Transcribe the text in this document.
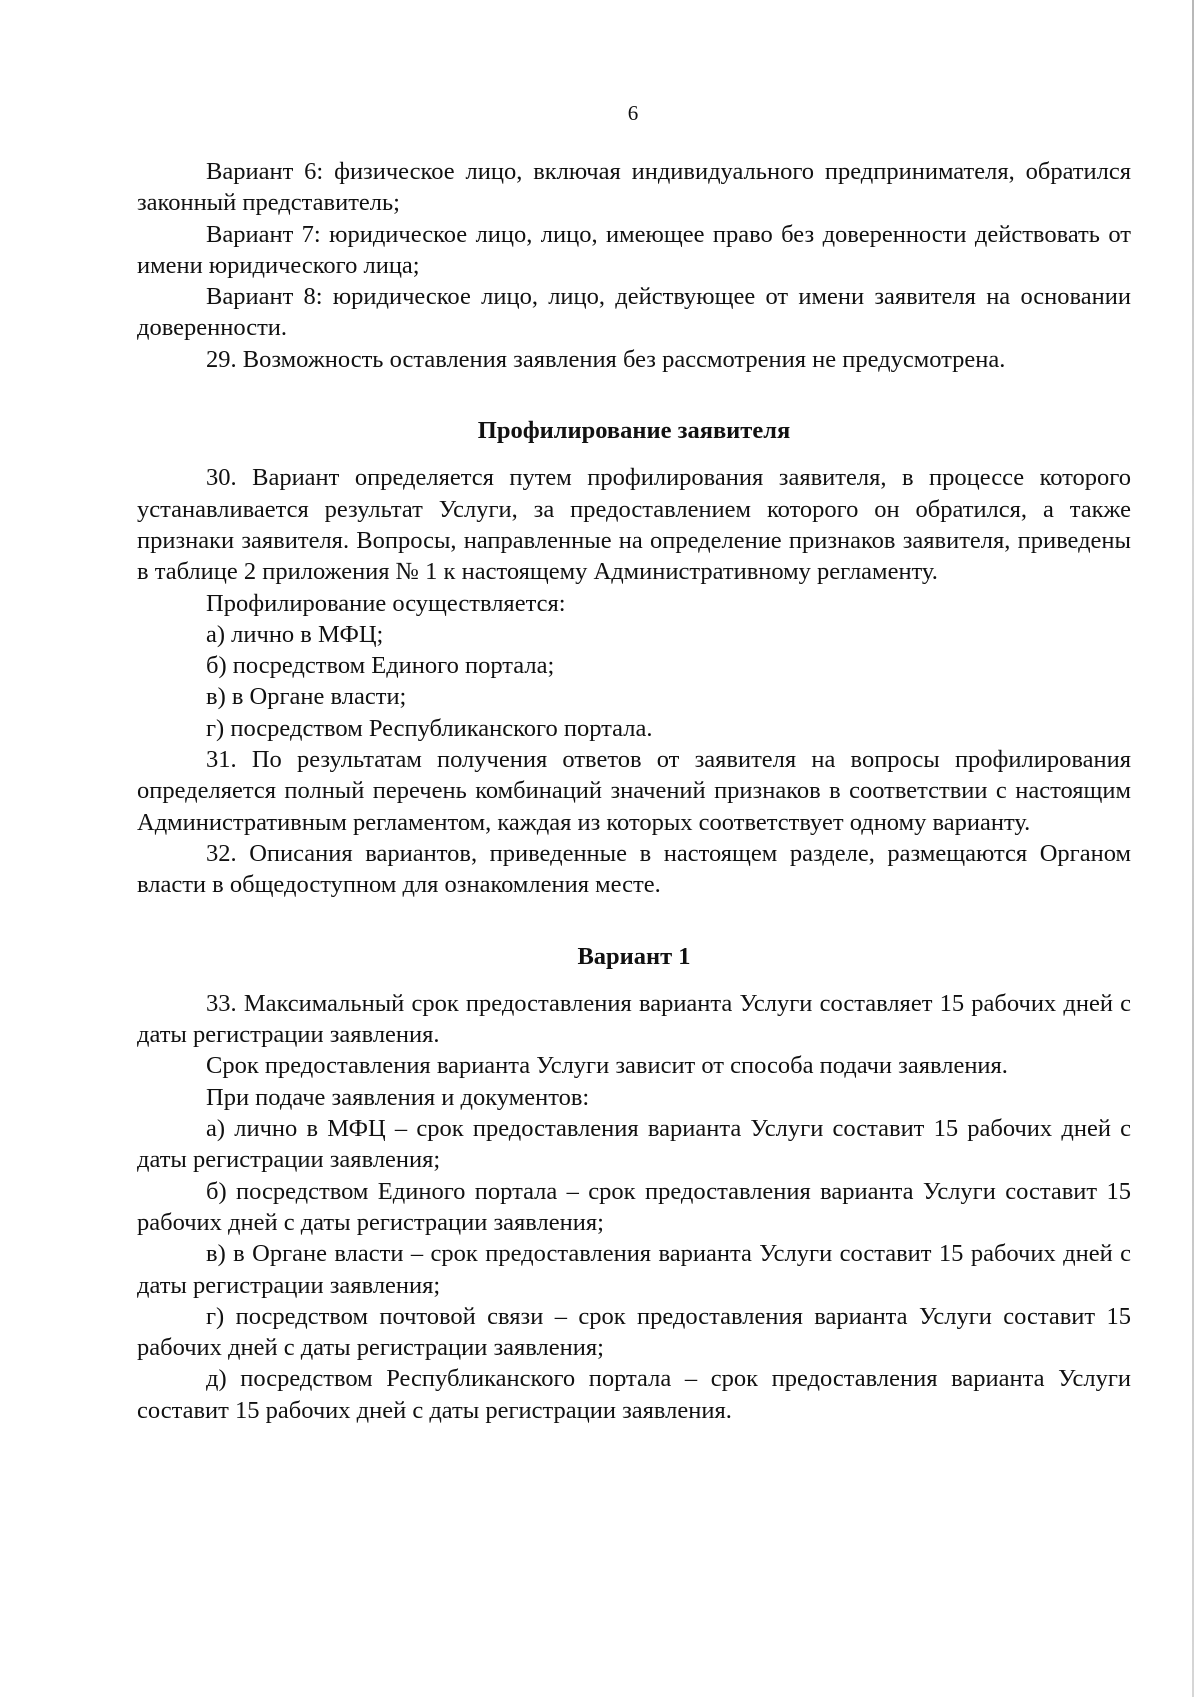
6

Вариант 6: физическое лицо, включая индивидуального предпринимателя, обратился законный представитель;

Вариант 7: юридическое лицо, лицо, имеющее право без доверенности действовать от имени юридического лица;

Вариант 8: юридическое лицо, лицо, действующее от имени заявителя на основании доверенности.

29. Возможность оставления заявления без рассмотрения не предусмотрена.

Профилирование заявителя

30. Вариант определяется путем профилирования заявителя, в процессе которого устанавливается результат Услуги, за предоставлением которого он обратился, а также признаки заявителя. Вопросы, направленные на определение признаков заявителя, приведены в таблице 2 приложения № 1 к настоящему Административному регламенту.

Профилирование осуществляется:

а) лично в МФЦ;

б) посредством Единого портала;

в) в Органе власти;

г) посредством Республиканского портала.

31. По результатам получения ответов от заявителя на вопросы профилирования определяется полный перечень комбинаций значений признаков в соответствии с настоящим Административным регламентом, каждая из которых соответствует одному варианту.

32. Описания вариантов, приведенные в настоящем разделе, размещаются Органом власти в общедоступном для ознакомления месте.

Вариант 1

33. Максимальный срок предоставления варианта Услуги составляет 15 рабочих дней с даты регистрации заявления.

Срок предоставления варианта Услуги зависит от способа подачи заявления.

При подаче заявления и документов:

а) лично в МФЦ – срок предоставления варианта Услуги составит 15 рабочих дней с даты регистрации заявления;

б) посредством Единого портала – срок предоставления варианта Услуги составит 15 рабочих дней с даты регистрации заявления;

в) в Органе власти – срок предоставления варианта Услуги составит 15 рабочих дней с даты регистрации заявления;

г) посредством почтовой связи – срок предоставления варианта Услуги составит 15 рабочих дней с даты регистрации заявления;

д) посредством Республиканского портала – срок предоставления варианта Услуги составит 15 рабочих дней с даты регистрации заявления.
